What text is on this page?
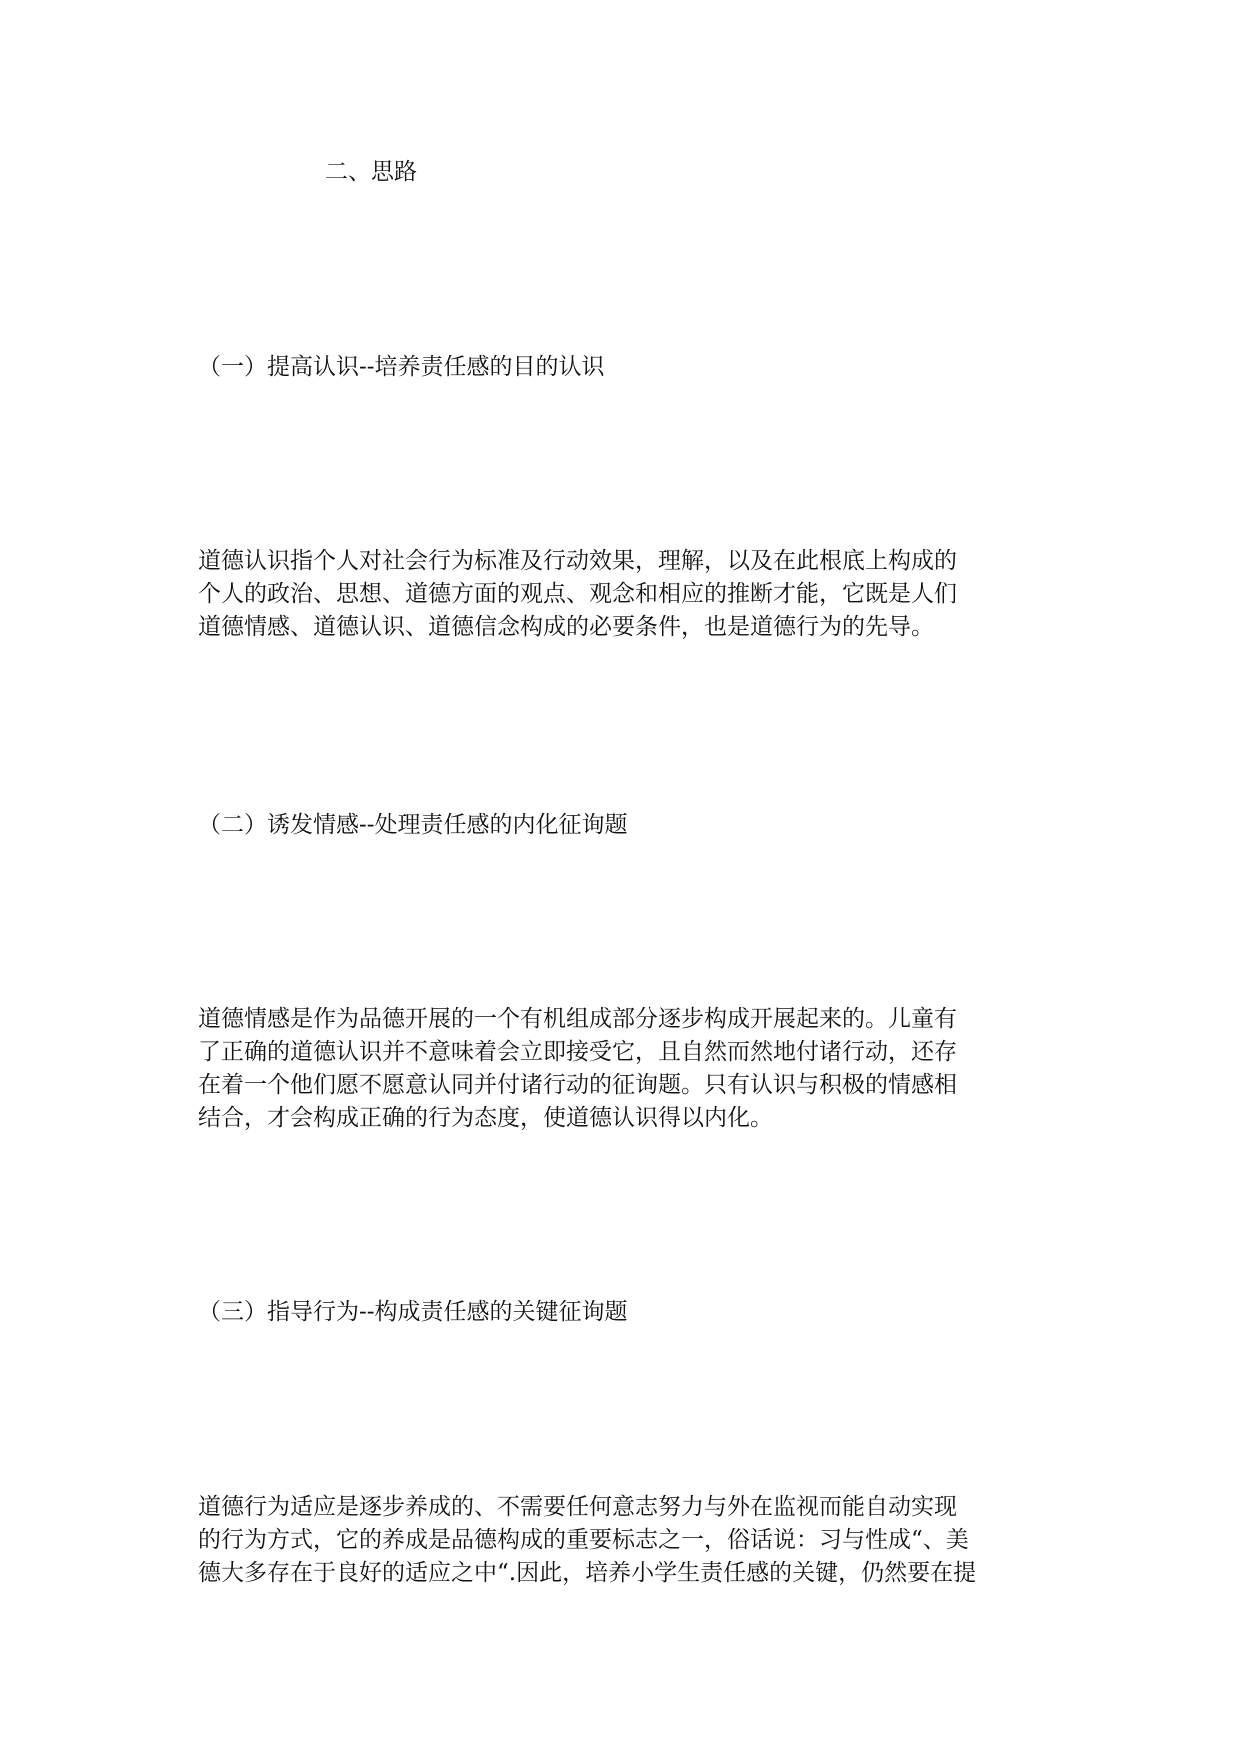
二、思路
（一）提高认识--培养责任感的目的认识
道德认识指个人对社会行为标准及行动效果，理解，以及在此根底上构成的
个人的政治、思想、道德方面的观点、观念和相应的推断才能，它既是人们
道德情感、道德认识、道德信念构成的必要条件，也是道德行为的先导。
（二）诱发情感--处理责任感的内化征询题
道德情感是作为品德开展的一个有机组成部分逐步构成开展起来的。儿童有
了正确的道德认识并不意味着会立即接受它，且自然而然地付诸行动，还存
在着一个他们愿不愿意认同并付诸行动的征询题。只有认识与积极的情感相
结合，才会构成正确的行为态度，使道德认识得以内化。
（三）指导行为--构成责任感的关键征询题
道德行为适应是逐步养成的、不需要任何意志努力与外在监视而能自动实现
的行为方式，它的养成是品德构成的重要标志之一，俗话说：习与性成“、美
德大多存在于良好的适应之中“.因此，培养小学生责任感的关键，仍然要在提
